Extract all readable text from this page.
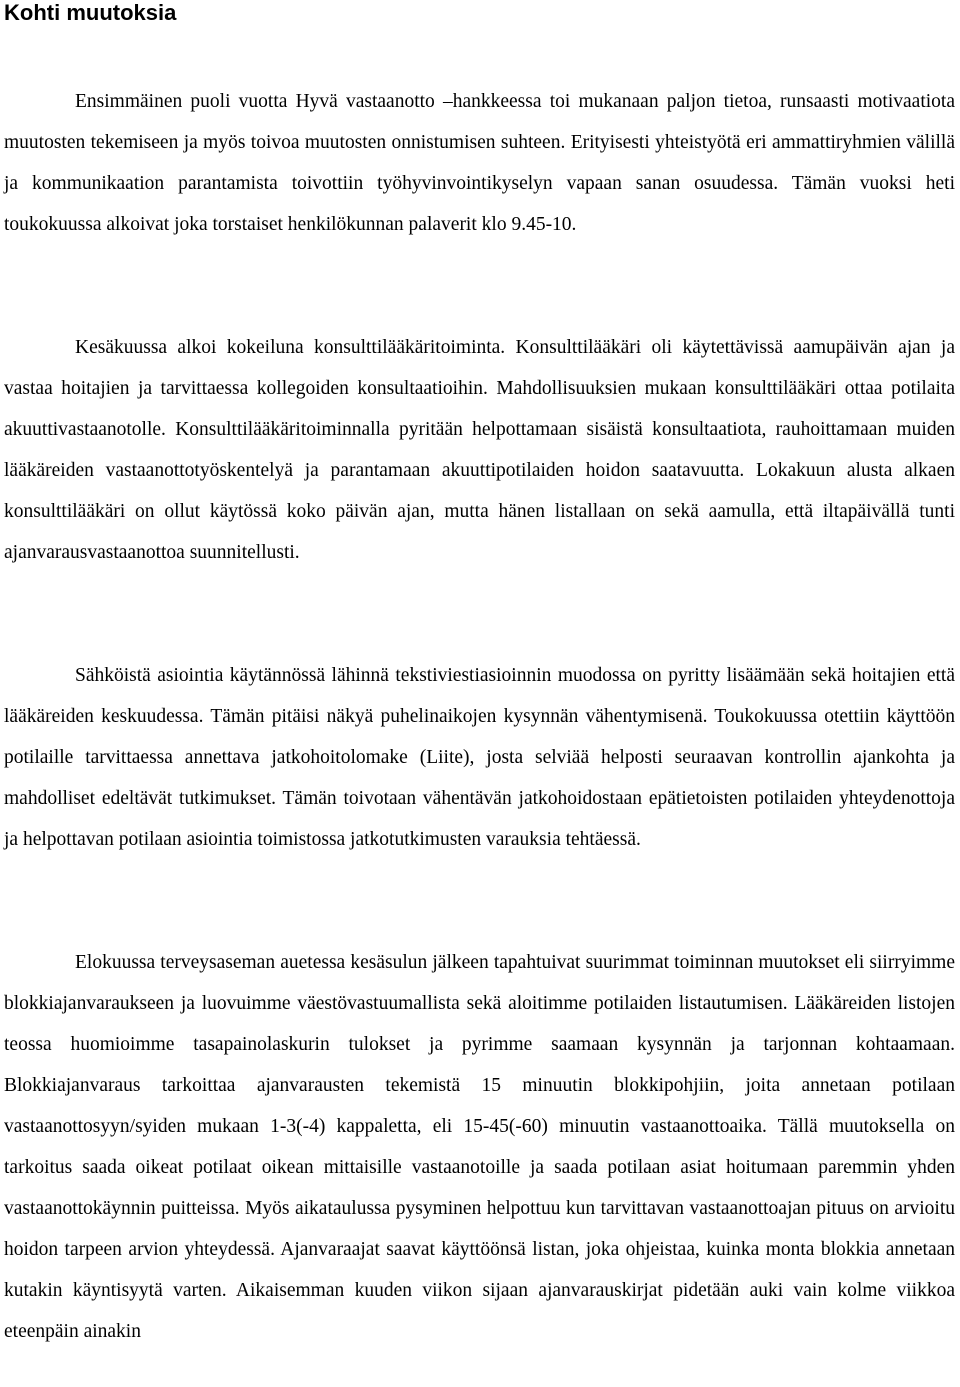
Kohti muutoksia

Ensimmäinen puoli vuotta Hyvä vastaanotto –hankkeessa toi mukanaan paljon tietoa, runsaasti motivaatiota muutosten tekemiseen ja myös toivoa muutosten onnistumisen suhteen. Erityisesti yhteistyötä eri ammattiryhmien välillä ja kommunikaation parantamista toivottiin työhyvinvointikyselyn vapaan sanan osuudessa. Tämän vuoksi heti toukokuussa alkoivat joka torstaiset henkilökunnan palaverit klo 9.45-10.

Kesäkuussa alkoi kokeiluna konsulttilääkäritoiminta. Konsulttilääkäri oli käytettävissä aamupäivän ajan ja vastaa hoitajien ja tarvittaessa kollegoiden konsultaatioihin. Mahdollisuuksien mukaan konsulttilääkäri ottaa potilaita akuuttivastaanotolle. Konsulttilääkäritoiminnalla pyritään helpottamaan sisäistä konsultaatiota, rauhoittamaan muiden lääkäreiden vastaanottotyöskentelyä ja parantamaan akuuttipotilaiden hoidon saatavuutta. Lokakuun alusta alkaen konsulttilääkäri on ollut käytössä koko päivän ajan, mutta hänen listallaan on sekä aamulla, että iltapäivällä tunti ajanvarausvastaanottoa suunnitellusti.

Sähköistä asiointia käytännössä lähinnä tekstiviestiasioinnin muodossa on pyritty lisäämään sekä hoitajien että lääkäreiden keskuudessa. Tämän pitäisi näkyä puhelinaikojen kysynnän vähentymisenä. Toukokuussa otettiin käyttöön potilaille tarvittaessa annettava jatkohoitolomake (Liite), josta selviää helposti seuraavan kontrollin ajankohta ja mahdolliset edeltävät tutkimukset. Tämän toivotaan vähentävän jatkohoidostaan epätietoisten potilaiden yhteydenottoja ja helpottavan potilaan asiointia toimistossa jatkotutkimusten varauksia tehtäessä.

Elokuussa terveysaseman auetessa kesäsulun jälkeen tapahtuivat suurimmat toiminnan muutokset eli siirryimme blokkiajanvaraukseen ja luovuimme väestövastuumallista sekä aloitimme potilaiden listautumisen. Lääkäreiden listojen teossa huomioimme tasapainolaskurin tulokset ja pyrimme saamaan kysynnän ja tarjonnan kohtaamaan. Blokkiajanvaraus tarkoittaa ajanvarausten tekemistä 15 minuutin blokkipohjiin, joita annetaan potilaan vastaanottosyyn/syiden mukaan 1-3(-4) kappaletta, eli 15-45(-60) minuutin vastaanottoaika. Tällä muutoksella on tarkoitus saada oikeat potilaat oikean mittaisille vastaanotoille ja saada potilaan asiat hoitumaan paremmin yhden vastaanottokäynnin puitteissa. Myös aikataulussa pysyminen helpottuu kun tarvittavan vastaanottoajan pituus on arvioitu hoidon tarpeen arvion yhteydessä. Ajanvaraajat saavat käyttöönsä listan, joka ohjeistaa, kuinka monta blokkia annetaan kutakin käyntisyytä varten. Aikaisemman kuuden viikon sijaan ajanvarauskirjat pidetään auki vain kolme viikkoa eteenpäin ainakin
